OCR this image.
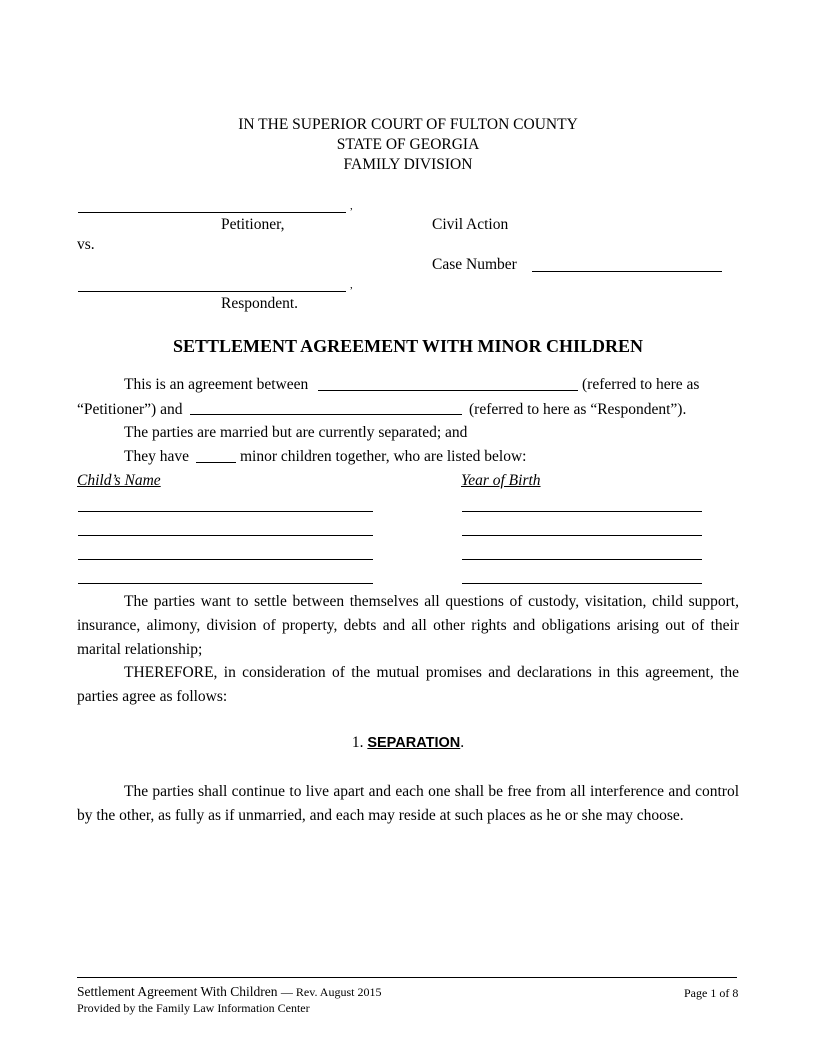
IN THE SUPERIOR COURT OF FULTON COUNTY
STATE OF GEORGIA
FAMILY DIVISION
,
Petitioner,	Civil Action
vs.
Case Number
,
Respondent.
SETTLEMENT AGREEMENT WITH MINOR CHILDREN
This is an agreement between	(referred to here as
“Petitioner”) and	(referred to here as “Respondent”).
The parties are married but are currently separated; and
They have	minor children together, who are listed below:
Child’s Name	Year of Birth
The parties want to settle between themselves all questions of custody, visitation, child support, insurance, alimony, division of property, debts and all other rights and obligations arising out of their marital relationship;
THEREFORE, in consideration of the mutual promises and declarations in this agreement, the parties agree as follows:
1. SEPARATION.
The parties shall continue to live apart and each one shall be free from all interference and control by the other, as fully as if unmarried, and each may reside at such places as he or she may choose.
Settlement Agreement With Children — Rev. August 2015
Provided by the Family Law Information Center
Page 1 of 8
